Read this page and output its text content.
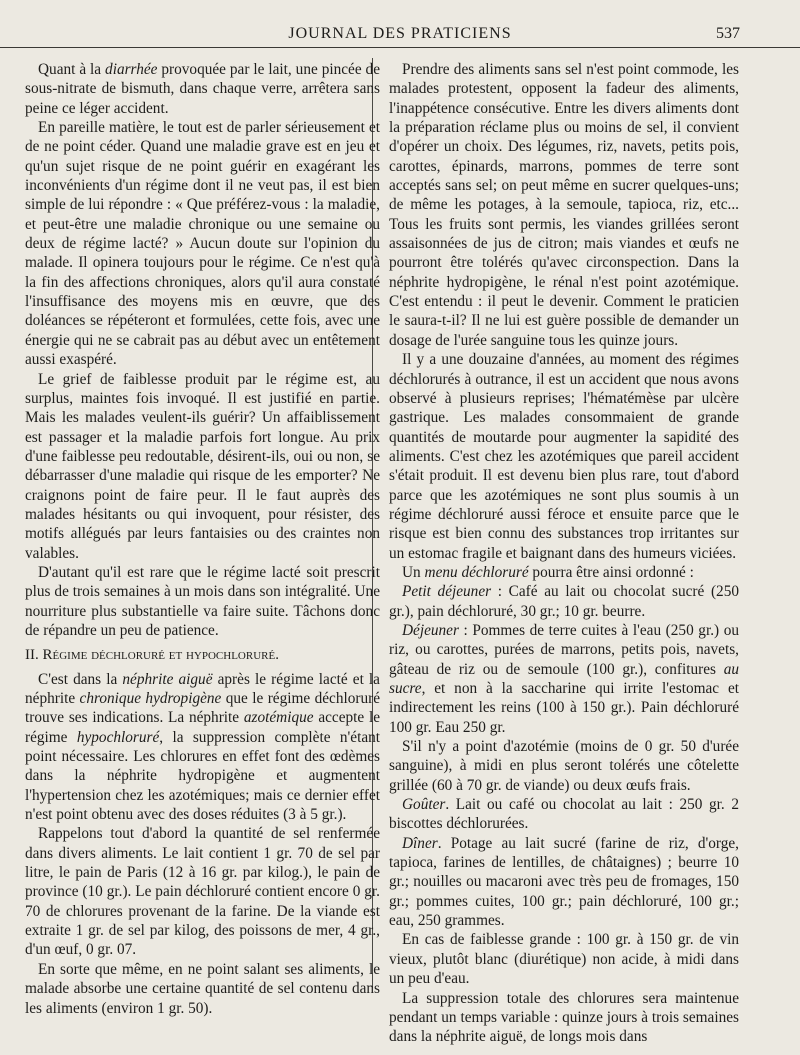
JOURNAL DES PRATICIENS	537

Quant à la diarrhée provoquée par le lait, une pincée de sous-nitrate de bismuth, dans chaque verre, arrêtera sans peine ce léger accident.

En pareille matière, le tout est de parler sérieusement et de ne point céder. Quand une maladie grave est en jeu et qu'un sujet risque de ne point guérir en exagérant les inconvénients d'un régime dont il ne veut pas, il est bien simple de lui répondre : « Que préférez-vous : la maladie, et peut-être une maladie chronique ou une semaine ou deux de régime lacté? » Aucun doute sur l'opinion du malade. Il opinera toujours pour le régime. Ce n'est qu'à la fin des affections chroniques, alors qu'il aura constaté l'insuffisance des moyens mis en œuvre, que des doléances se répéteront et formulées, cette fois, avec une énergie qui ne se cabrait pas au début avec un entêtement aussi exaspéré.

Le grief de faiblesse produit par le régime est, au surplus, maintes fois invoqué. Il est justifié en partie. Mais les malades veulent-ils guérir? Un affaiblissement est passager et la maladie parfois fort longue. Au prix d'une faiblesse peu redoutable, désirent-ils, oui ou non, se débarrasser d'une maladie qui risque de les emporter? Ne craignons point de faire peur. Il le faut auprès des malades hésitants ou qui invoquent, pour résister, des motifs allégués par leurs fantaisies ou des craintes non valables.

D'autant qu'il est rare que le régime lacté soit prescrit plus de trois semaines à un mois dans son intégralité. Une nourriture plus substantielle va faire suite. Tâchons donc de répandre un peu de patience.

II. Régime déchloruré et hypochloruré.

C'est dans la néphrite aiguë après le régime lacté et la néphrite chronique hydropigène que le régime déchloruré trouve ses indications. La néphrite azotémique accepte le régime hypochloruré, la suppression complète n'étant point nécessaire. Les chlorures en effet font des œdèmes dans la néphrite hydropigène et augmentent l'hypertension chez les azotémiques; mais ce dernier effet n'est point obtenu avec des doses réduites (3 à 5 gr.).

Rappelons tout d'abord la quantité de sel renfermée dans divers aliments. Le lait contient 1 gr. 70 de sel par litre, le pain de Paris (12 à 16 gr. par kilog.), le pain de province (10 gr.). Le pain déchloruré contient encore 0 gr. 70 de chlorures provenant de la farine. De la viande est extraite 1 gr. de sel par kilog, des poissons de mer, 4 gr., d'un œuf, 0 gr. 07.

En sorte que même, en ne point salant ses aliments, le malade absorbe une certaine quantité de sel contenu dans les aliments (environ 1 gr. 50).

Prendre des aliments sans sel n'est point commode, les malades protestent, opposent la fadeur des aliments, l'inappétence consécutive. Entre les divers aliments dont la préparation réclame plus ou moins de sel, il convient d'opérer un choix. Des légumes, riz, navets, petits pois, carottes, épinards, marrons, pommes de terre sont acceptés sans sel; on peut même en sucrer quelques-uns; de même les potages, à la semoule, tapioca, riz, etc... Tous les fruits sont permis, les viandes grillées seront assaisonnées de jus de citron; mais viandes et œufs ne pourront être tolérés qu'avec circonspection. Dans la néphrite hydropigène, le rénal n'est point azotémique. C'est entendu : il peut le devenir. Comment le praticien le saura-t-il? Il ne lui est guère possible de demander un dosage de l'urée sanguine tous les quinze jours.

Il y a une douzaine d'années, au moment des régimes déchlorurés à outrance, il est un accident que nous avons observé à plusieurs reprises; l'hématémèse par ulcère gastrique. Les malades consommaient de grande quantités de moutarde pour augmenter la sapidité des aliments. C'est chez les azotémiques que pareil accident s'était produit. Il est devenu bien plus rare, tout d'abord parce que les azotémiques ne sont plus soumis à un régime déchloruré aussi féroce et ensuite parce que le risque est bien connu des substances trop irritantes sur un estomac fragile et baignant dans des humeurs viciées.

Un menu déchloruré pourra être ainsi ordonné :

Petit déjeuner : Café au lait ou chocolat sucré (250 gr.), pain déchloruré, 30 gr.; 10 gr. beurre.

Déjeuner : Pommes de terre cuites à l'eau (250 gr.) ou riz, ou carottes, purées de marrons, petits pois, navets, gâteau de riz ou de semoule (100 gr.), confitures au sucre, et non à la saccharine qui irrite l'estomac et indirectement les reins (100 à 150 gr.). Pain déchloruré 100 gr. Eau 250 gr.

S'il n'y a point d'azotémie (moins de 0 gr. 50 d'urée sanguine), à midi en plus seront tolérés une côtelette grillée (60 à 70 gr. de viande) ou deux œufs frais.

Goûter. Lait ou café ou chocolat au lait : 250 gr. 2 biscottes déchlorurées.

Dîner. Potage au lait sucré (farine de riz, d'orge, tapioca, farines de lentilles, de châtaignes) ; beurre 10 gr.; nouilles ou macaroni avec très peu de fromages, 150 gr.; pommes cuites, 100 gr.; pain déchloruré, 100 gr.; eau, 250 grammes.

En cas de faiblesse grande : 100 gr. à 150 gr. de vin vieux, plutôt blanc (diurétique) non acide, à midi dans un peu d'eau.

La suppression totale des chlorures sera maintenue pendant un temps variable : quinze jours à trois semaines dans la néphrite aiguë, de longs mois dans
